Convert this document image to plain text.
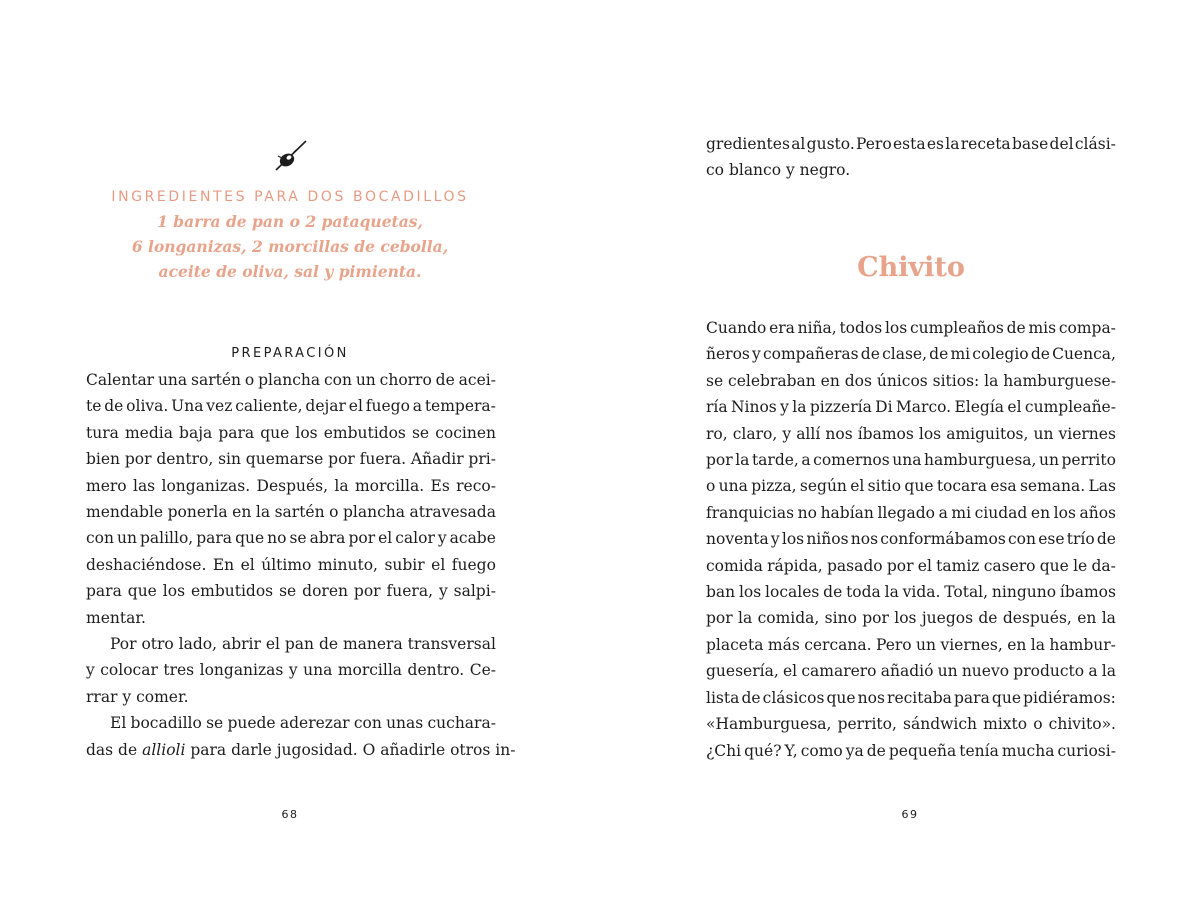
INGREDIENTES PARA DOS BOCADILLOS
1 barra de pan o 2 pataquetas,
6 longanizas, 2 morcillas de cebolla,
aceite de oliva, sal y pimienta.
PREPARACIÓN
Calentar una sartén o plancha con un chorro de acei-
te de oliva. Una vez caliente, dejar el fuego a tempera-
tura media baja para que los embutidos se cocinen
bien por dentro, sin quemarse por fuera. Añadir pri-
mero las longanizas. Después, la morcilla. Es reco-
mendable ponerla en la sartén o plancha atravesada
con un palillo, para que no se abra por el calor y acabe
deshaciéndose. En el último minuto, subir el fuego
para que los embutidos se doren por fuera, y salpi-
mentar.
Por otro lado, abrir el pan de manera transversal
y colocar tres longanizas y una morcilla dentro. Ce-
rrar y comer.
El bocadillo se puede aderezar con unas cuchara-
das de allioli para darle jugosidad. O añadirle otros in-
68
gredientes al gusto. Pero esta es la receta base del clási-
co blanco y negro.
Chivito
Cuando era niña, todos los cumpleaños de mis compa-
ñeros y compañeras de clase, de mi colegio de Cuenca,
se celebraban en dos únicos sitios: la hamburguese-
ría Ninos y la pizzería Di Marco. Elegía el cumpleañe-
ro, claro, y allí nos íbamos los amiguitos, un viernes
por la tarde, a comernos una hamburguesa, un perrito
o una pizza, según el sitio que tocara esa semana. Las
franquicias no habían llegado a mi ciudad en los años
noventa y los niños nos conformábamos con ese trío de
comida rápida, pasado por el tamiz casero que le da-
ban los locales de toda la vida. Total, ninguno íbamos
por la comida, sino por los juegos de después, en la
placeta más cercana. Pero un viernes, en la hambur-
guesería, el camarero añadió un nuevo producto a la
lista de clásicos que nos recitaba para que pidiéramos:
«Hamburguesa, perrito, sándwich mixto o chivito».
¿Chi qué? Y, como ya de pequeña tenía mucha curiosi-
69
